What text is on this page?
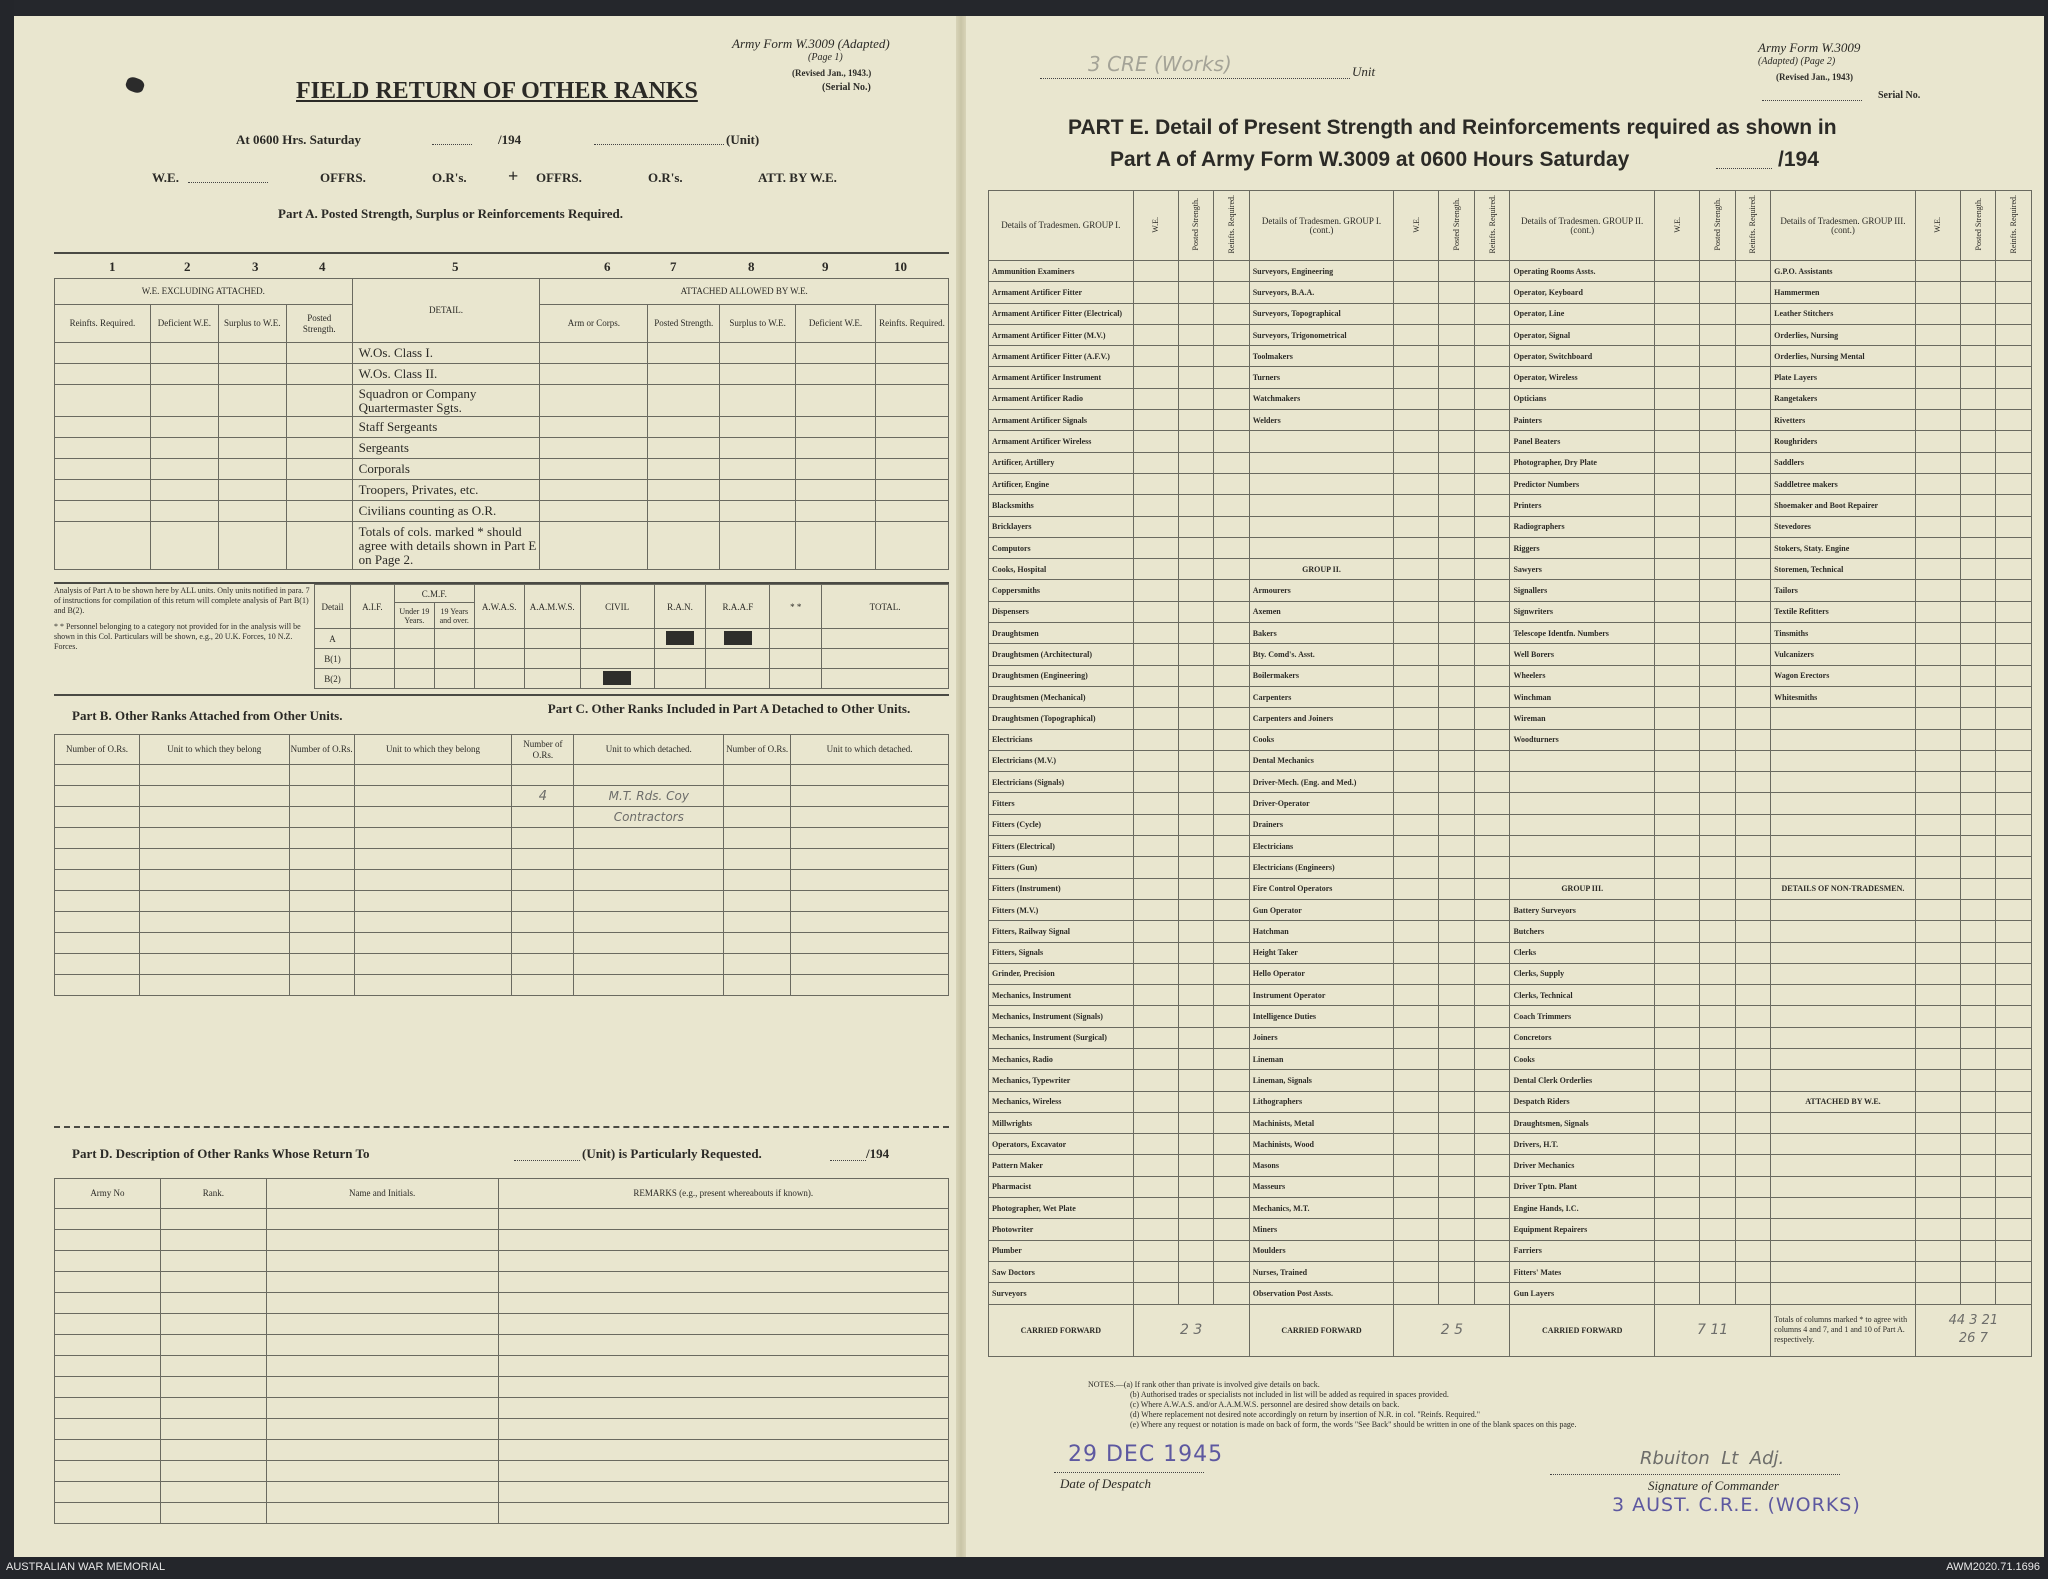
Army Form W.3009 (Adapted)
(Page 1)
(Revised Jan., 1943.)
(Serial No.)
FIELD RETURN OF OTHER RANKS
At 0600 Hrs. Saturday	/194	(Unit)
W.E.	OFFRS.	O.R's. + OFFRS.	O.R's.	ATT. BY W.E.
Part A. Posted Strength, Surplus or Reinforcements Required.
1	2	3	4	5	6	7	8	9	10
W.E. EXCLUDING ATTACHED.				DETAIL.	ATTACHED ALLOWED BY W.E.				
Reinfts. Required.	Deficient W.E.	Surplus to W.E.	Posted Strength.		Arm or Corps.	Posted Strength.	Surplus to W.E.	Deficient W.E.	Reinfts. Required.
				W.Os. Class I.					
				W.Os. Class II.					
				Squadron or Company Quartermaster Sgts.					
				Staff Sergeants					
				Sergeants					
				Corporals					
				Troopers, Privates, etc.					
				Civilians counting as O.R.					
				Totals of cols. marked * should agree with details shown in Part E on Page 2.					
Analysis of Part A to be shown here by ALL units. Only units notified in para. 7 of instructions for compilation of this return will complete analysis of Part B(1) and B(2).
* * Personnel belonging to a category not provided for in the analysis will be shown in this Col. Particulars will be shown, e.g., 20 U.K. Forces, 10 N.Z. Forces.
Detail	A.I.F.	C.M.F.		A.W.A.S.	A.A.M.W.S.	CIVIL	R.A.N.	R.A.A.F	* *	TOTAL.
		Under 19 Years.	19 Years and over.							
A										
B(1)										
B(2)										
Part B. Other Ranks Attached from Other Units.	Part C. Other Ranks Included in Part A Detached to Other Units.
Number of O.Rs.	Unit to which they belong	Number of O.Rs.	Unit to which they belong	Number of O.Rs.	Unit to which detached.	Number of O.Rs.	Unit to which detached.

				4	M.T. Rds. Coy		
					Contractors		

Part D. Description of Other Ranks Whose Return To	(Unit) is Particularly Requested.	/194
Army No	Rank.	Name and Initials.	REMARKS (e.g., present whereabouts if known).

3 CRE (Works)	Unit
Army Form W.3009
(Adapted) (Page 2)
(Revised Jan., 1943)
Serial No.
PART E. Detail of Present Strength and Reinforcements required as shown in
Part A of Army Form W.3009 at 0600 Hours Saturday	/194
Details of Tradesmen. GROUP I.	W.E.	Posted Strength.	Reinfts. Required.	Details of Tradesmen. GROUP I. (cont.)	W.E.	Posted Strength.	Reinfts. Required.	Details of Tradesmen. GROUP II. (cont.)	W.E.	Posted Strength.	Reinfts. Required.	Details of Tradesmen. GROUP III. (cont.)	W.E.	Posted Strength.	Reinfts. Required.
Ammunition Examiners				Surveyors, Engineering				Operating Rooms Assts.				G.P.O. Assistants			
Armament Artificer Fitter				Surveyors, B.A.A.				Operator, Keyboard				Hammermen			
Armament Artificer Fitter (Electrical)				Surveyors, Topographical				Operator, Line				Leather Stitchers			
Armament Artificer Fitter (M.V.)				Surveyors, Trigonometrical				Operator, Signal				Orderlies, Nursing			
Armament Artificer Fitter (A.F.V.)				Toolmakers				Operator, Switchboard				Orderlies, Nursing Mental			
Armament Artificer Instrument				Turners				Operator, Wireless				Plate Layers			
Armament Artificer Radio				Watchmakers				Opticians				Rangetakers			
Armament Artificer Signals				Welders				Painters				Rivetters			
Armament Artificer Wireless								Panel Beaters				Roughriders			
Artificer, Artillery								Photographer, Dry Plate				Saddlers			
Artificer, Engine								Predictor Numbers				Saddletree makers			
Blacksmiths								Printers				Shoemaker and Boot Repairer			
Bricklayers								Radiographers				Stevedores			
Computors								Riggers				Stokers, Staty. Engine			
Cooks, Hospital				GROUP II.				Sawyers				Storemen, Technical			
Coppersmiths				Armourers				Signallers				Tailors			
Dispensers				Axemen				Signwriters				Textile Refitters			
Draughtsmen				Bakers				Telescope Identfn. Numbers				Tinsmiths			
Draughtsmen (Architectural)				Bty. Comd's. Asst.				Well Borers				Vulcanizers			
Draughtsmen (Engineering)				Boilermakers				Wheelers				Wagon Erectors			
Draughtsmen (Mechanical)				Carpenters				Winchman				Whitesmiths			
Draughtsmen (Topographical)				Carpenters and Joiners				Wireman							
Electricians				Cooks				Woodturners							
Electricians (M.V.)				Dental Mechanics											
Electricians (Signals)				Driver-Mech. (Eng. and Med.)											
Fitters				Driver-Operator											
Fitters (Cycle)				Drainers											
Fitters (Electrical)				Electricians											
Fitters (Gun)				Electricians (Engineers)											
Fitters (Instrument)				Fire Control Operators				GROUP III.				DETAILS OF NON-TRADESMEN.			
Fitters (M.V.)				Gun Operator				Battery Surveyors							
Fitters, Railway Signal				Hatchman				Butchers							
Fitters, Signals				Height Taker				Clerks							
Grinder, Precision				Hello Operator				Clerks, Supply							
Mechanics, Instrument				Instrument Operator				Clerks, Technical							
Mechanics, Instrument (Signals)				Intelligence Duties				Coach Trimmers							
Mechanics, Instrument (Surgical)				Joiners				Concretors							
Mechanics, Radio				Lineman				Cooks							
Mechanics, Typewriter				Lineman, Signals				Dental Clerk Orderlies							
Mechanics, Wireless				Lithographers				Despatch Riders				ATTACHED BY W.E.			
Millwrights				Machinists, Metal				Draughtsmen, Signals							
Operators, Excavator				Machinists, Wood				Drivers, H.T.							
Pattern Maker				Masons				Driver Mechanics							
Pharmacist				Masseurs				Driver Tptn. Plant							
Photographer, Wet Plate				Mechanics, M.T.				Engine Hands, I.C.							
Photowriter				Miners				Equipment Repairers							
Plumber				Moulders				Farriers							
Saw Doctors				Nurses, Trained				Fitters' Mates							
Surveyors				Observation Post Assts.				Gun Layers							
CARRIED FORWARD	2 3			CARRIED FORWARD	2 5			CARRIED FORWARD	7 11			Totals of columns marked * to agree with columns 4 and 7, and 1 and 10 of Part A. respectively.	44 3 21
26 7		
NOTES.—(a) If rank other than private is involved give details on back.
(b) Authorised trades or specialists not included in list will be added as required in spaces provided.
(c) Where A.W.A.S. and/or A.A.M.W.S. personnel are desired show details on back.
(d) Where replacement not desired note accordingly on return by insertion of N.R. in col. "Reinfs. Required."
(e) Where any request or notation is made on back of form, the words "See Back" should be written in one of the blank spaces on this page.
29 DEC 1945
Date of Despatch
Rbuiton  Lt  Adj.
Signature of Commander
3 AUST. C.R.E. (WORKS)
AUSTRALIAN WAR MEMORIAL	AWM2020.71.1696
